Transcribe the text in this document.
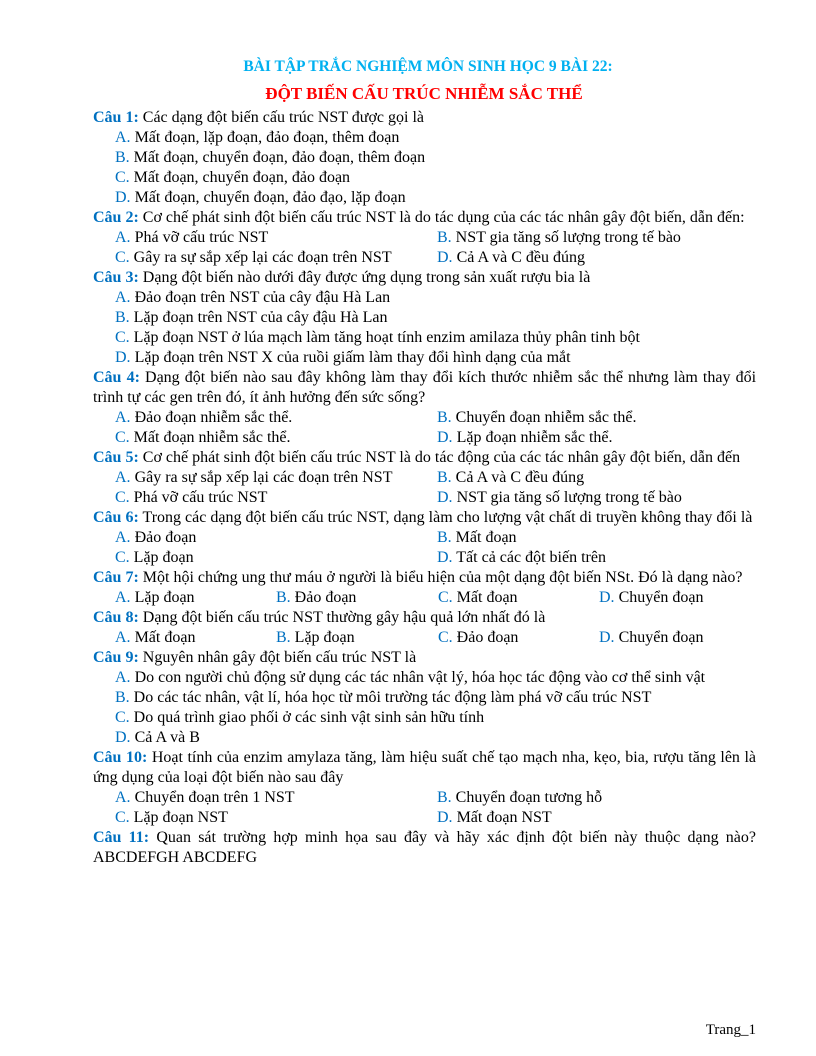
BÀI TẬP TRẮC NGHIỆM MÔN SINH HỌC 9 BÀI 22:
ĐỘT BIẾN CẤU TRÚC NHIỄM SẮC THỂ
Câu 1: Các dạng đột biến cấu trúc NST được gọi là
A. Mất đoạn, lặp đoạn, đảo đoạn, thêm đoạn
B. Mất đoạn, chuyển đoạn, đảo đoạn, thêm đoạn
C. Mất đoạn, chuyển đoạn, đảo đoạn
D. Mất đoạn, chuyển đoạn, đảo đạo, lặp đoạn
Câu 2: Cơ chế phát sinh đột biến cấu trúc NST là do tác dụng của các tác nhân gây đột biến, dẫn đến:
A. Phá vỡ cấu trúc NST	B. NST gia tăng số lượng trong tế bào
C. Gây ra sự sắp xếp lại các đoạn trên NST	D. Cả A và C đều đúng
Câu 3: Dạng đột biến nào dưới đây được ứng dụng trong sản xuất rượu bia là
A. Đảo đoạn trên NST của cây đậu Hà Lan
B. Lặp đoạn trên NST của cây đậu Hà Lan
C. Lặp đoạn NST ở lúa mạch làm tăng hoạt tính enzim amilaza thủy phân tinh bột
D. Lặp đoạn trên NST X của ruồi giấm làm thay đổi hình dạng của mắt
Câu 4: Dạng đột biến nào sau đây không làm thay đổi kích thước nhiễm sắc thể nhưng làm thay đổi trình tự các gen trên đó, ít ảnh hưởng đến sức sống?
A. Đảo đoạn nhiễm sắc thể.	B. Chuyển đoạn nhiễm sắc thể.
C. Mất đoạn nhiễm sắc thể.	D. Lặp đoạn nhiễm sắc thể.
Câu 5: Cơ chế phát sinh đột biến cấu trúc NST là do tác động của các tác nhân gây đột biến, dẫn đến
A. Gây ra sự sắp xếp lại các đoạn trên NST	B. Cả A và C đều đúng
C. Phá vỡ cấu trúc NST	D. NST gia tăng số lượng trong tế bào
Câu 6: Trong các dạng đột biến cấu trúc NST, dạng làm cho lượng vật chất di truyền không thay đổi là
A. Đảo đoạn	B. Mất đoạn
C. Lặp đoạn	D. Tất cả các đột biến trên
Câu 7: Một hội chứng ung thư máu ở người là biểu hiện của một dạng đột biến NSt. Đó là dạng nào?
A. Lặp đoạn	B. Đảo đoạn	C. Mất đoạn	D. Chuyển đoạn
Câu 8: Dạng đột biến cấu trúc NST thường gây hậu quả lớn nhất đó là
A. Mất đoạn	B. Lặp đoạn	C. Đảo đoạn	D. Chuyển đoạn
Câu 9: Nguyên nhân gây đột biến cấu trúc NST là
A. Do con người chủ động sử dụng các tác nhân vật lý, hóa học tác động vào cơ thể sinh vật
B. Do các tác nhân, vật lí, hóa học từ môi trường tác động làm phá vỡ cấu trúc NST
C. Do quá trình giao phối ở các sinh vật sinh sản hữu tính
D. Cả A và B
Câu 10: Hoạt tính của enzim amylaza tăng, làm hiệu suất chế tạo mạch nha, kẹo, bia, rượu tăng lên là ứng dụng của loại đột biến nào sau đây
A. Chuyển đoạn trên 1 NST	B. Chuyển đoạn tương hỗ
C. Lặp đoạn NST	D. Mất đoạn NST
Câu 11: Quan sát trường hợp minh họa sau đây và hãy xác định đột biến này thuộc dạng nào? ABCDEFGH ABCDEFG
Trang_1
